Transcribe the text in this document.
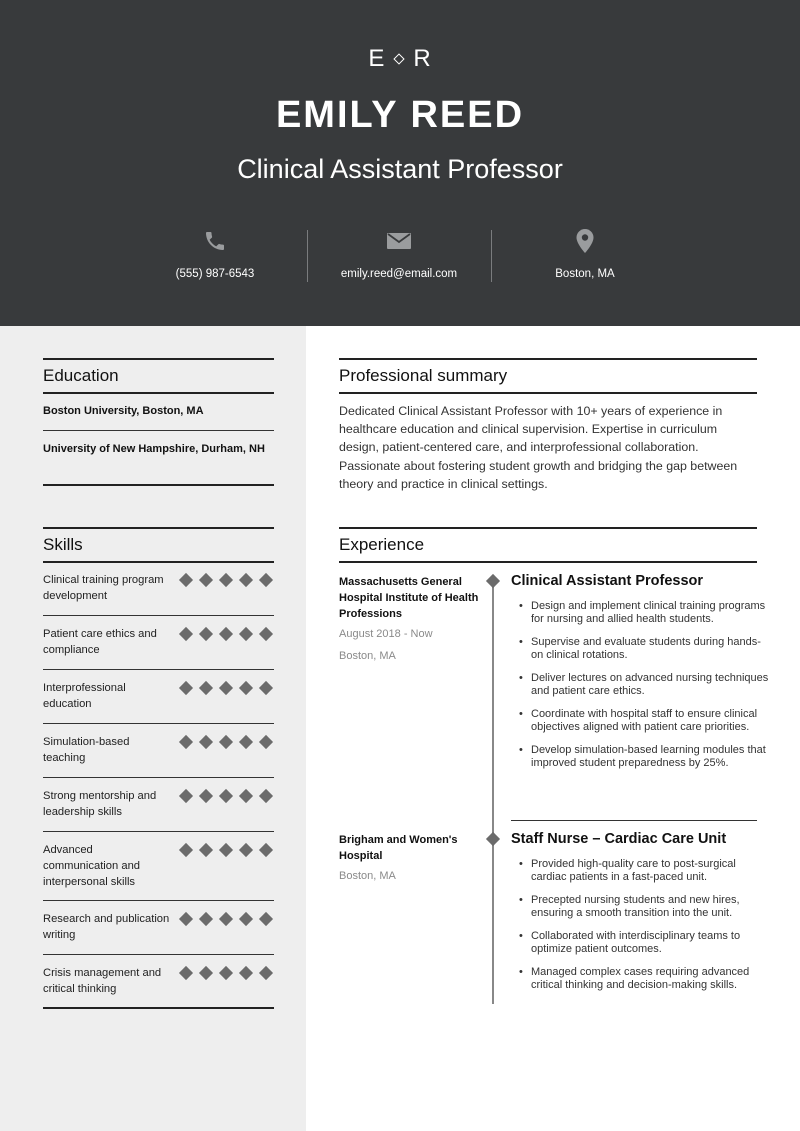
E R
EMILY REED
Clinical Assistant Professor
(555) 987-6543	emily.reed@email.com	Boston, MA
Education
Boston University, Boston, MA
University of New Hampshire, Durham, NH
Skills
Clinical training program development
Patient care ethics and compliance
Interprofessional education
Simulation-based teaching
Strong mentorship and leadership skills
Advanced communication and interpersonal skills
Research and publication writing
Crisis management and critical thinking
Professional summary
Dedicated Clinical Assistant Professor with 10+ years of experience in healthcare education and clinical supervision. Expertise in curriculum design, patient-centered care, and interprofessional collaboration. Passionate about fostering student growth and bridging the gap between theory and practice in clinical settings.
Experience
Massachusetts General Hospital Institute of Health Professions
August 2018 - Now
Boston, MA
Clinical Assistant Professor
• Design and implement clinical training programs for nursing and allied health students.
• Supervise and evaluate students during hands-on clinical rotations.
• Deliver lectures on advanced nursing techniques and patient care ethics.
• Coordinate with hospital staff to ensure clinical objectives aligned with patient care priorities.
• Develop simulation-based learning modules that improved student preparedness by 25%.
Brigham and Women's Hospital
Boston, MA
Staff Nurse – Cardiac Care Unit
• Provided high-quality care to post-surgical cardiac patients in a fast-paced unit.
• Precepted nursing students and new hires, ensuring a smooth transition into the unit.
• Collaborated with interdisciplinary teams to optimize patient outcomes.
• Managed complex cases requiring advanced critical thinking and decision-making skills.
